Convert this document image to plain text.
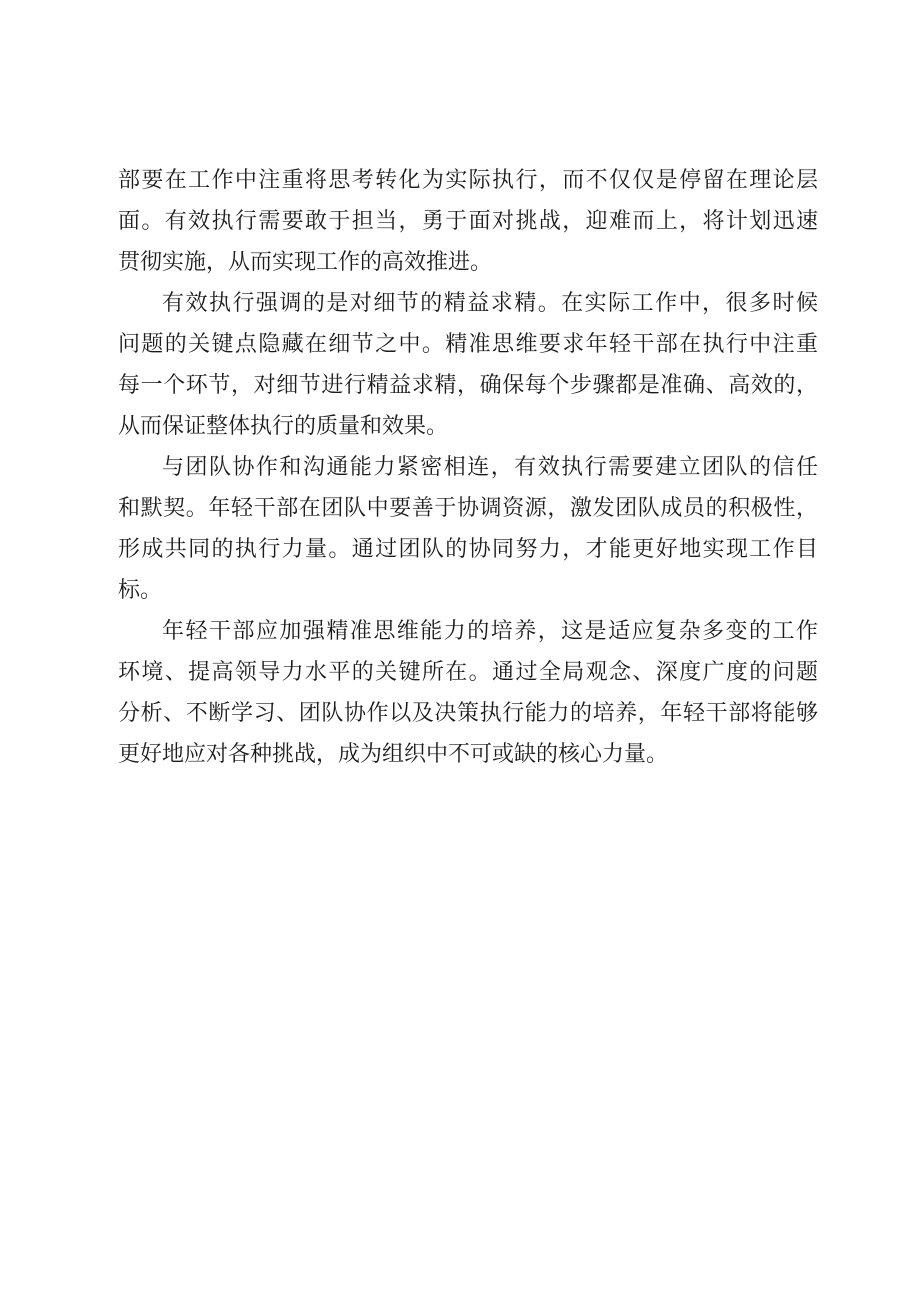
部要在工作中注重将思考转化为实际执行，而不仅仅是停留在理论层
面。有效执行需要敢于担当，勇于面对挑战，迎难而上，将计划迅速
贯彻实施，从而实现工作的高效推进。

有效执行强调的是对细节的精益求精。在实际工作中，很多时候
问题的关键点隐藏在细节之中。精准思维要求年轻干部在执行中注重
每一个环节，对细节进行精益求精，确保每个步骤都是准确、高效的，
从而保证整体执行的质量和效果。

与团队协作和沟通能力紧密相连，有效执行需要建立团队的信任
和默契。年轻干部在团队中要善于协调资源，激发团队成员的积极性，
形成共同的执行力量。通过团队的协同努力，才能更好地实现工作目
标。

年轻干部应加强精准思维能力的培养，这是适应复杂多变的工作
环境、提高领导力水平的关键所在。通过全局观念、深度广度的问题
分析、不断学习、团队协作以及决策执行能力的培养，年轻干部将能够
更好地应对各种挑战，成为组织中不可或缺的核心力量。
